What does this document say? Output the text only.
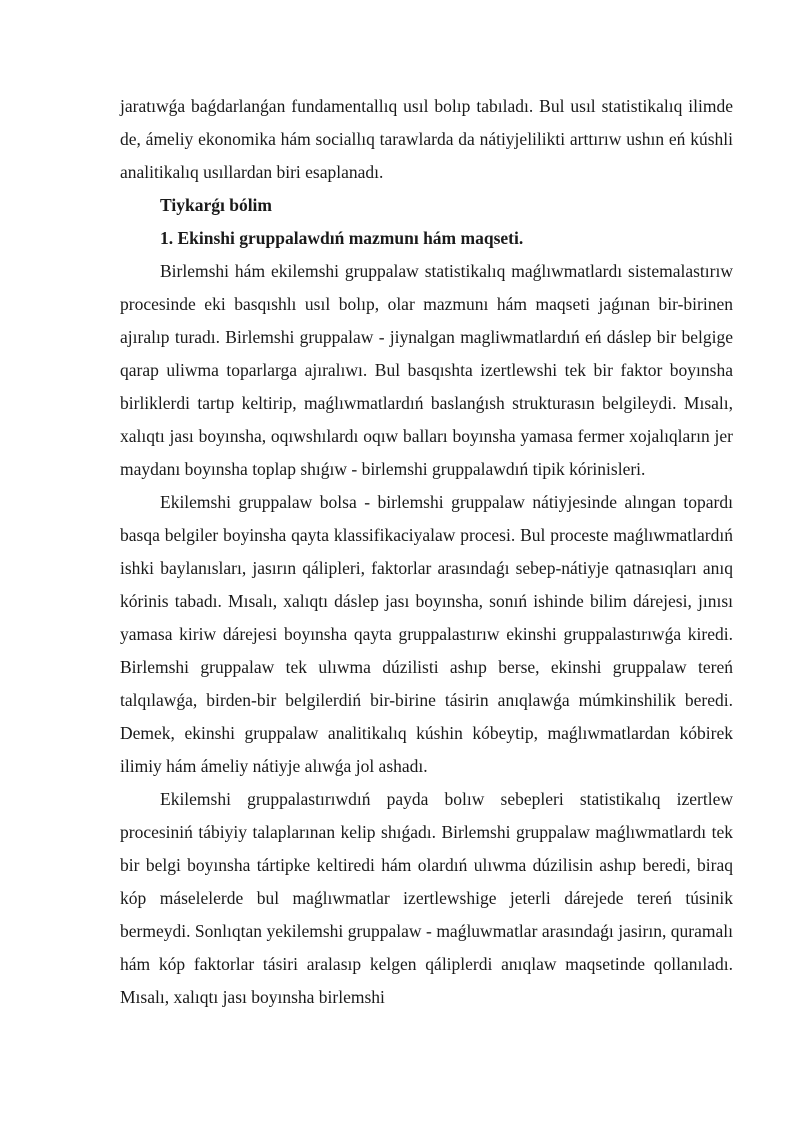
jaratıwǵa baǵdarlanǵan fundamentallıq usıl bolıp tabıladı. Bul usıl statistikalıq ilimde de, ámeliy ekonomika hám sociallıq tarawlarda da nátiyjelilikti arttırıw ushın eń kúshli analitikalıq usıllardan biri esaplanadı.

Tiykarǵı bólim

1. Ekinshi gruppalawdıń mazmunı hám maqseti.

Birlemshi hám ekilemshi gruppalaw statistikalıq maǵlıwmatlardı sistemalastırıw procesinde eki basqıshlı usıl bolıp, olar mazmunı hám maqseti jaǵınan bir-birinen ajıralıp turadı. Birlemshi gruppalaw - jiynalgan magliwmatlardıń eń dáslep bir belgige qarap uliwma toparlarga ajıralıwı. Bul basqıshta izertlewshi tek bir faktor boyınsha birliklerdi tartıp keltirip, maǵlıwmatlardıń baslanǵısh strukturasın belgileydi. Mısalı, xalıqtı jası boyınsha, oqıwshılardı oqıw balları boyınsha yamasa fermer xojalıqların jer maydanı boyınsha toplap shıǵıw - birlemshi gruppalawdıń tipik kórinisleri.

Ekilemshi gruppalaw bolsa - birlemshi gruppalaw nátiyjesinde alıngan topardı basqa belgiler boyinsha qayta klassifikaciyalaw procesi. Bul proceste maǵlıwmatlardıń ishki baylanısları, jasırın qálipleri, faktorlar arasındaǵı sebep-nátiyje qatnasıqları anıq kórinis tabadı. Mısalı, xalıqtı dáslep jası boyınsha, sonıń ishinde bilim dárejesi, jınısı yamasa kiriw dárejesi boyınsha qayta gruppalastırıw ekinshi gruppalastırıwǵa kiredi. Birlemshi gruppalaw tek ulıwma dúzilisti ashıp berse, ekinshi gruppalaw tereń talqılawǵa, birden-bir belgilerdiń bir-birine tásirin anıqlawǵa múmkinshilik beredi. Demek, ekinshi gruppalaw analitikalıq kúshin kóbeytip, maǵlıwmatlardan kóbirek ilimiy hám ámeliy nátiyje alıwǵa jol ashadı.

Ekilemshi gruppalastırıwdıń payda bolıw sebepleri statistikalıq izertlew procesiniń tábiyiy talaplarınan kelip shıǵadı. Birlemshi gruppalaw maǵlıwmatlardı tek bir belgi boyınsha tártipke keltiredi hám olardıń ulıwma dúzilisin ashıp beredi, biraq kóp máselelerde bul maǵlıwmatlar izertlewshige jeterli dárejede tereń túsinik bermeydi. Sonlıqtan yekilemshi gruppalaw - maǵluwmatlar arasındaǵı jasirın, quramalı hám kóp faktorlar tásiri aralasıp kelgen qáliplerdi anıqlaw maqsetinde qollanıladı. Mısalı, xalıqtı jası boyınsha birlemshi
